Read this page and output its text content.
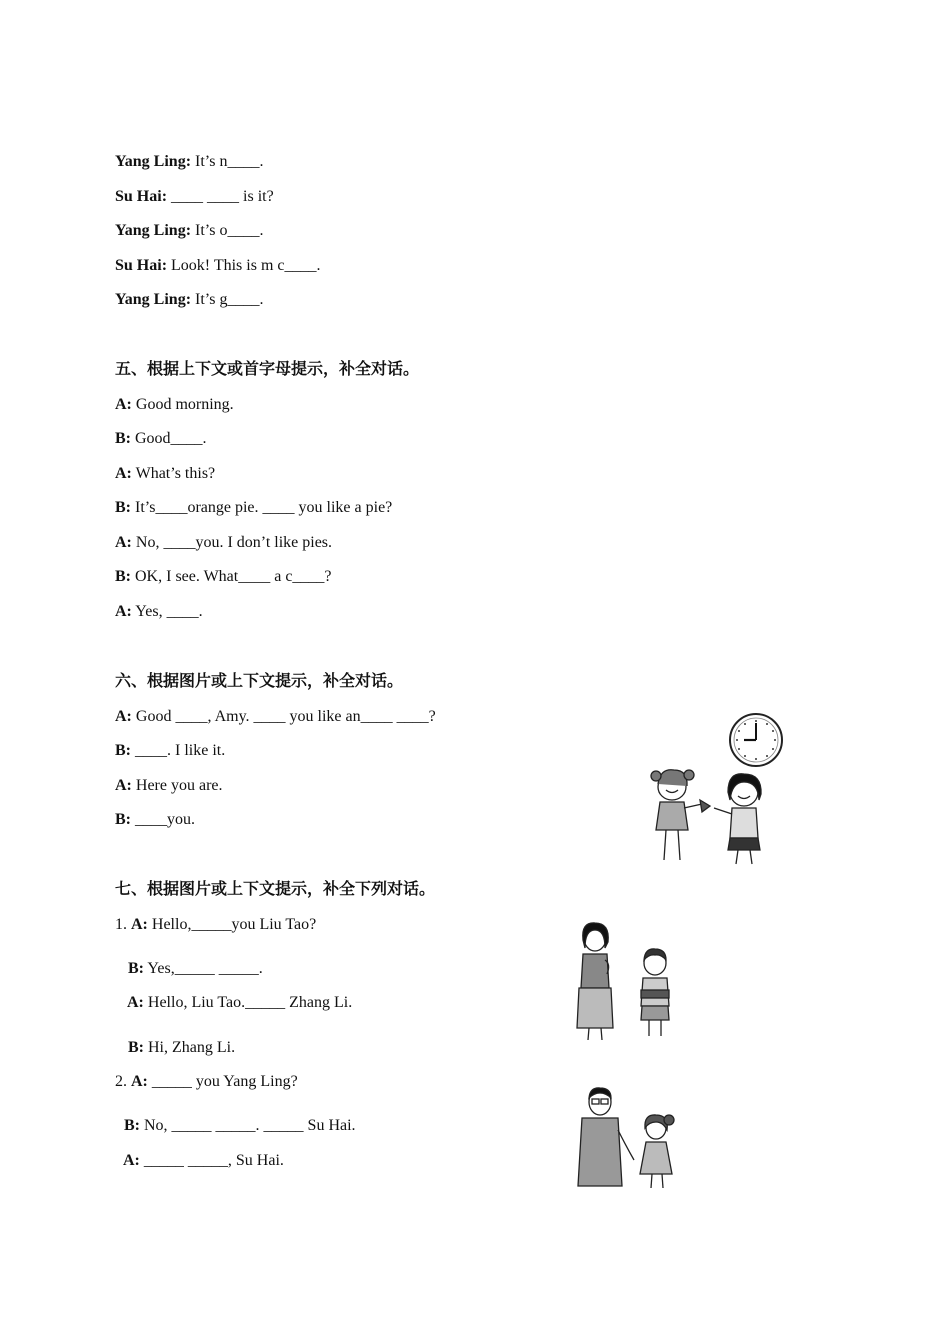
Yang Ling: It’s n____.
Su Hai: ____ ____ is it?
Yang Ling: It’s o____.
Su Hai: Look! This is m c____.
Yang Ling: It’s g____.
五、根据上下文或首字母提示，补全对话。
A: Good morning.
B: Good____.
A: What’s this?
B: It’s____orange pie. ____ you like a pie?
A: No, ____you. I don’t like pies.
B: OK, I see. What____ a c____?
A: Yes, ____.
六、根据图片或上下文提示，补全对话。
A: Good ____, Amy. ____ you like an____ ____?
B: ____. I like it.
A: Here you are.
B: ____you.
七、根据图片或上下文提示，补全下列对话。
1. A: Hello,_____you Liu Tao?
B: Yes,_____ _____.
A: Hello, Liu Tao._____ Zhang Li.
B: Hi, Zhang Li.
2. A: _____ you Yang Ling?
B: No, _____ _____. _____ Su Hai.
A: _____ _____, Su Hai.
